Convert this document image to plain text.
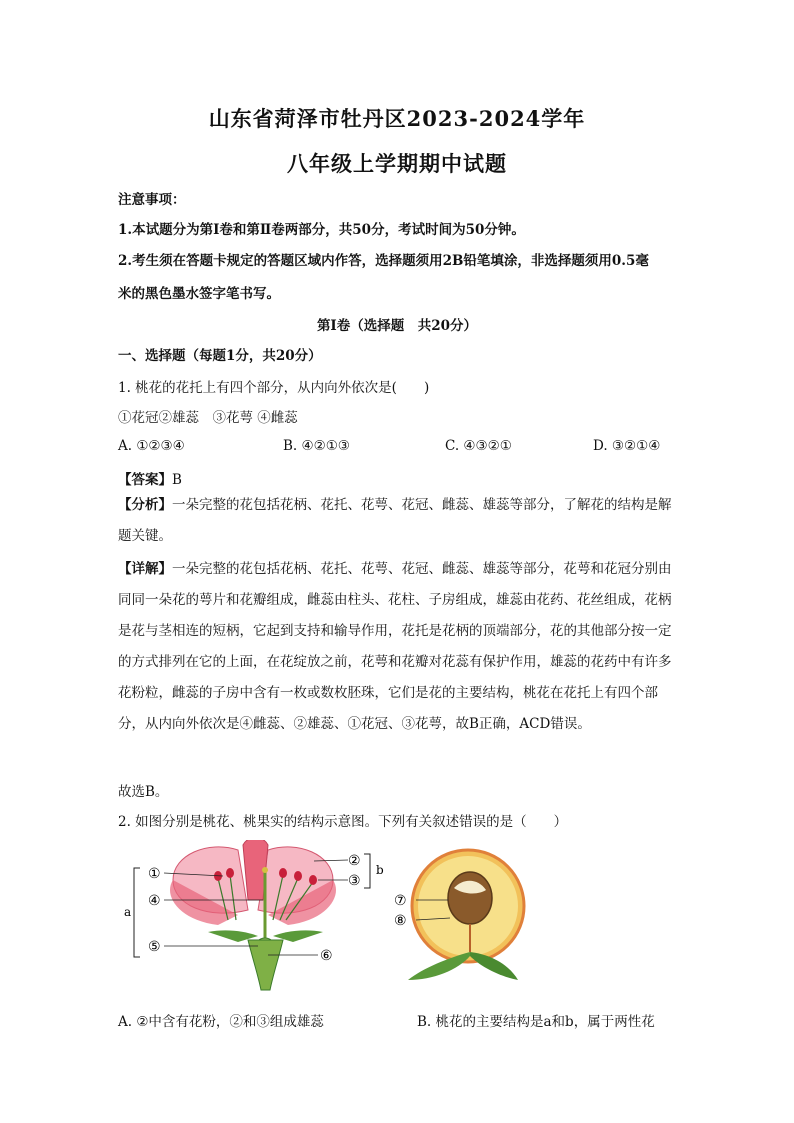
山东省菏泽市牡丹区2023-2024学年
八年级上学期期中试题
注意事项：
1.本试题分为第Ⅰ卷和第Ⅱ卷两部分，共50分，考试时间为50分钟。
2.考生须在答题卡规定的答题区域内作答，选择题须用2B铅笔填涂，非选择题须用0.5毫
米的黑色墨水签字笔书写。
第Ⅰ卷（选择题　共20分）
一、选择题（每题1分，共20分）
1. 桃花的花托上有四个部分，从内向外依次是(　　)
①花冠②雄蕊　③花萼 ④雌蕊
A. ①②③④	B. ④②①③	C. ④③②①	D. ③②①④
【答案】B
【分析】一朵完整的花包括花柄、花托、花萼、花冠、雌蕊、雄蕊等部分，了解花的结构是解题关键。
【详解】一朵完整的花包括花柄、花托、花萼、花冠、雌蕊、雄蕊等部分，花萼和花冠分别由同同一朵花的萼片和花瓣组成，雌蕊由柱头、花柱、子房组成，雄蕊由花药、花丝组成，花柄是花与茎相连的短柄，它起到支持和输导作用，花托是花柄的顶端部分，花的其他部分按一定的方式排列在它的上面，在花绽放之前，花萼和花瓣对花蕊有保护作用，雄蕊的花药中有许多花粉粒，雌蕊的子房中含有一枚或数枚胚珠，它们是花的主要结构，桃花在花托上有四个部分，从内向外依次是④雌蕊、②雄蕊、①花冠、③花萼，故B正确，ACD错误。
故选B。
2. 如图分别是桃花、桃果实的结构示意图。下列有关叙述错误的是（　　）
a
b
①
④
⑤
②
③
⑥
⑦
⑧
A. ②中含有花粉，②和③组成雄蕊	B. 桃花的主要结构是a和b，属于两性花
